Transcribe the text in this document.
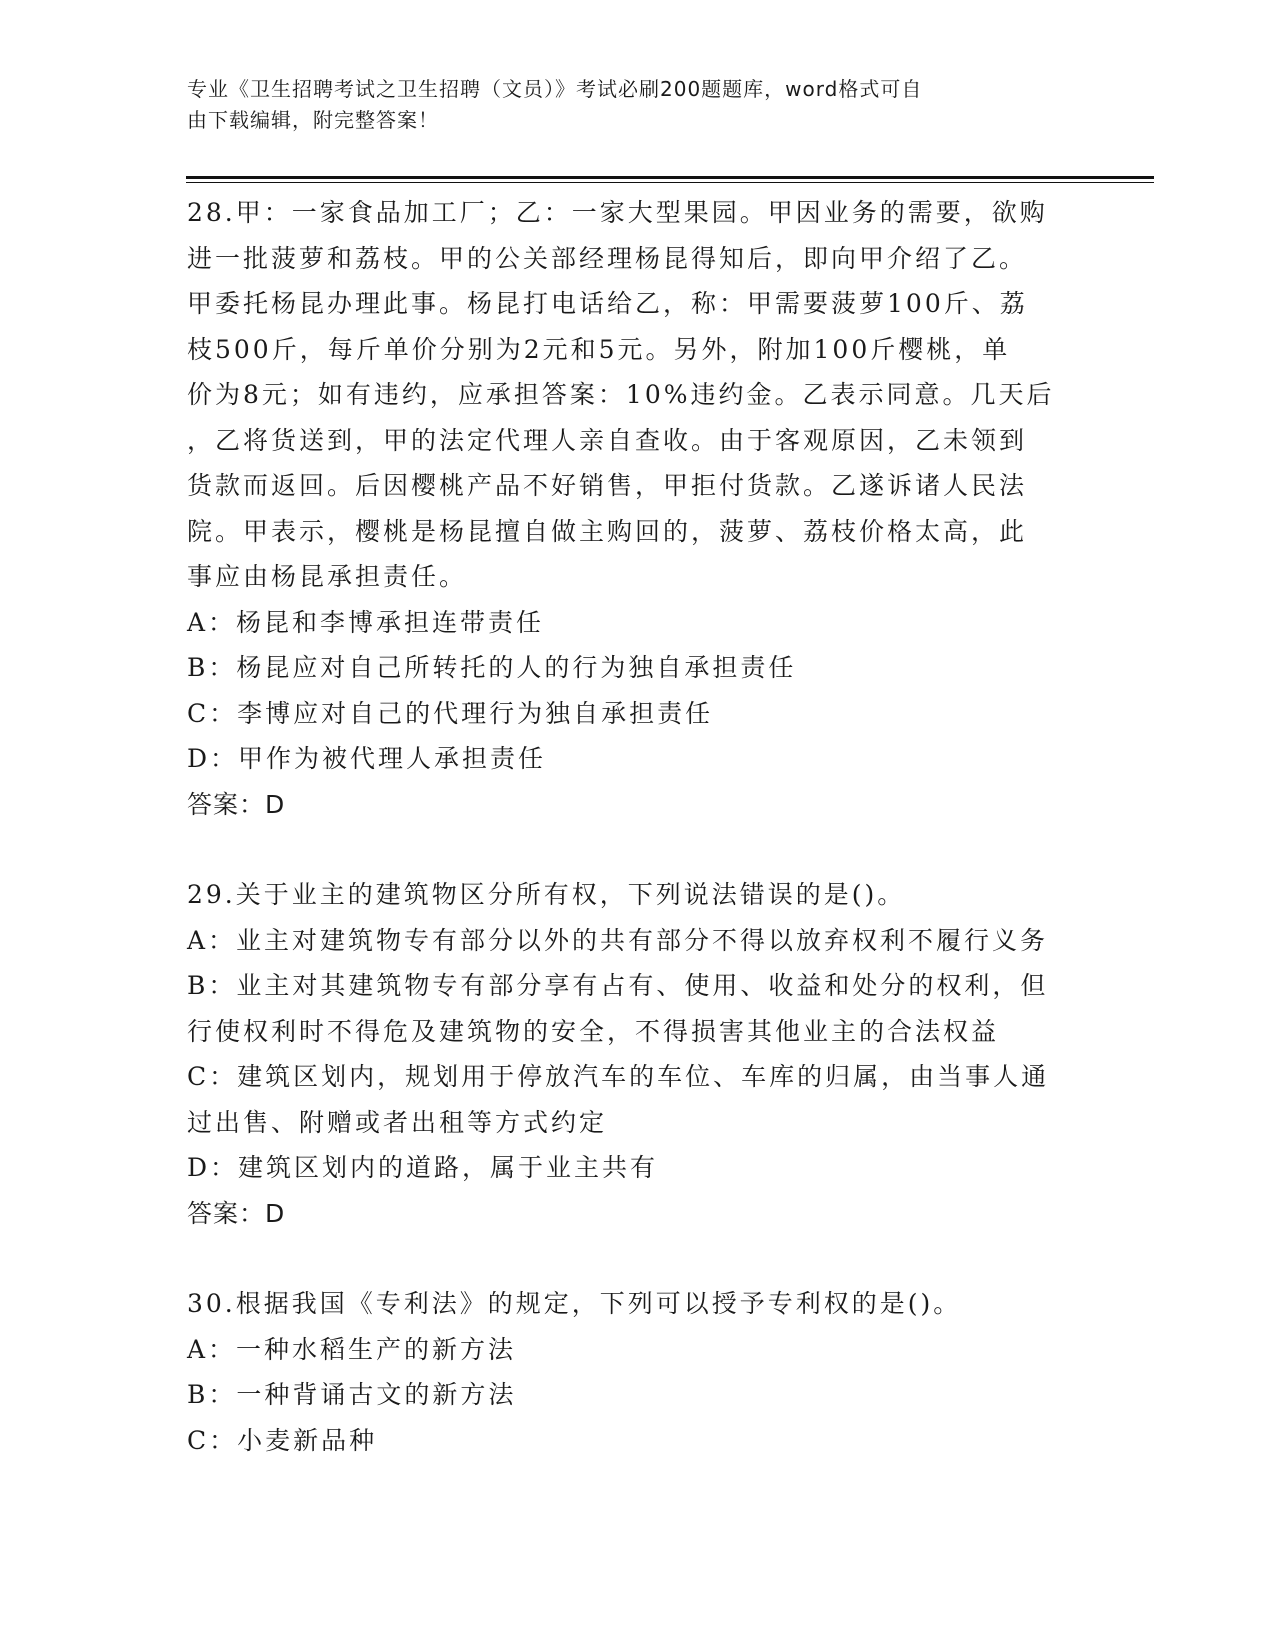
专业《卫生招聘考试之卫生招聘（文员）》考试必刷200题题库，word格式可自
由下载编辑，附完整答案！
28.甲：一家食品加工厂；乙：一家大型果园。甲因业务的需要，欲购
进一批菠萝和荔枝。甲的公关部经理杨昆得知后，即向甲介绍了乙。
甲委托杨昆办理此事。杨昆打电话给乙，称：甲需要菠萝100斤、荔
枝500斤，每斤单价分别为2元和5元。另外，附加100斤樱桃，单
价为8元；如有违约，应承担答案：10%违约金。乙表示同意。几天后
，乙将货送到，甲的法定代理人亲自查收。由于客观原因，乙未领到
货款而返回。后因樱桃产品不好销售，甲拒付货款。乙遂诉诸人民法
院。甲表示，樱桃是杨昆擅自做主购回的，菠萝、荔枝价格太高，此
事应由杨昆承担责任。
A：杨昆和李博承担连带责任
B：杨昆应对自己所转托的人的行为独自承担责任
C：李博应对自己的代理行为独自承担责任
D：甲作为被代理人承担责任
答案：D
29.关于业主的建筑物区分所有权，下列说法错误的是()。
A：业主对建筑物专有部分以外的共有部分不得以放弃权利不履行义务
B：业主对其建筑物专有部分享有占有、使用、收益和处分的权利，但
行使权利时不得危及建筑物的安全，不得损害其他业主的合法权益
C：建筑区划内，规划用于停放汽车的车位、车库的归属，由当事人通
过出售、附赠或者出租等方式约定
D：建筑区划内的道路，属于业主共有
答案：D
30.根据我国《专利法》的规定，下列可以授予专利权的是()。
A：一种水稻生产的新方法
B：一种背诵古文的新方法
C：小麦新品种
